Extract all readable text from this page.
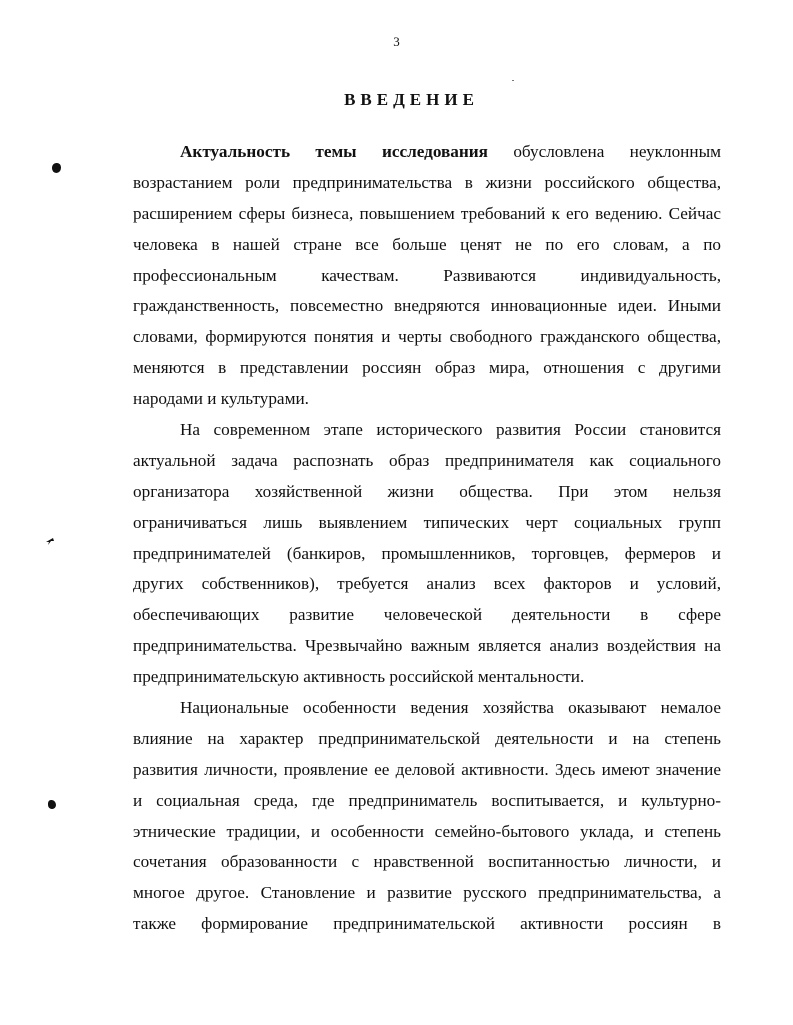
3
ВВЕДЕНИЕ
Актуальность темы исследования обусловлена неуклонным
возрастанием роли предпринимательства в жизни российского общества,
расширением сферы бизнеса, повышением требований к его ведению. Сейчас
человека в нашей стране все больше ценят не по его словам, а по
профессиональным качествам. Развиваются индивидуальность,
гражданственность, повсеместно внедряются инновационные идеи. Иными
словами, формируются понятия и черты свободного гражданского общества,
меняются в представлении россиян образ мира, отношения с другими
народами и культурами.
На современном этапе исторического развития России становится
актуальной задача распознать образ предпринимателя как социального
организатора хозяйственной жизни общества. При этом нельзя
ограничиваться лишь выявлением типических черт социальных групп
предпринимателей (банкиров, промышленников, торговцев, фермеров и
других собственников), требуется анализ всех факторов и условий,
обеспечивающих развитие человеческой деятельности в сфере
предпринимательства. Чрезвычайно важным является анализ воздействия на
предпринимательскую активность российской ментальности.
Национальные особенности ведения хозяйства оказывают немалое
влияние на характер предпринимательской деятельности и на степень
развития личности, проявление ее деловой активности. Здесь имеют значение
и социальная среда, где предприниматель воспитывается, и культурно-
этнические традиции, и особенности семейно-бытового уклада, и степень
сочетания образованности с нравственной воспитанностью личности, и
многое другое. Становление и развитие русского предпринимательства, а
также формирование предпринимательской активности россиян в
